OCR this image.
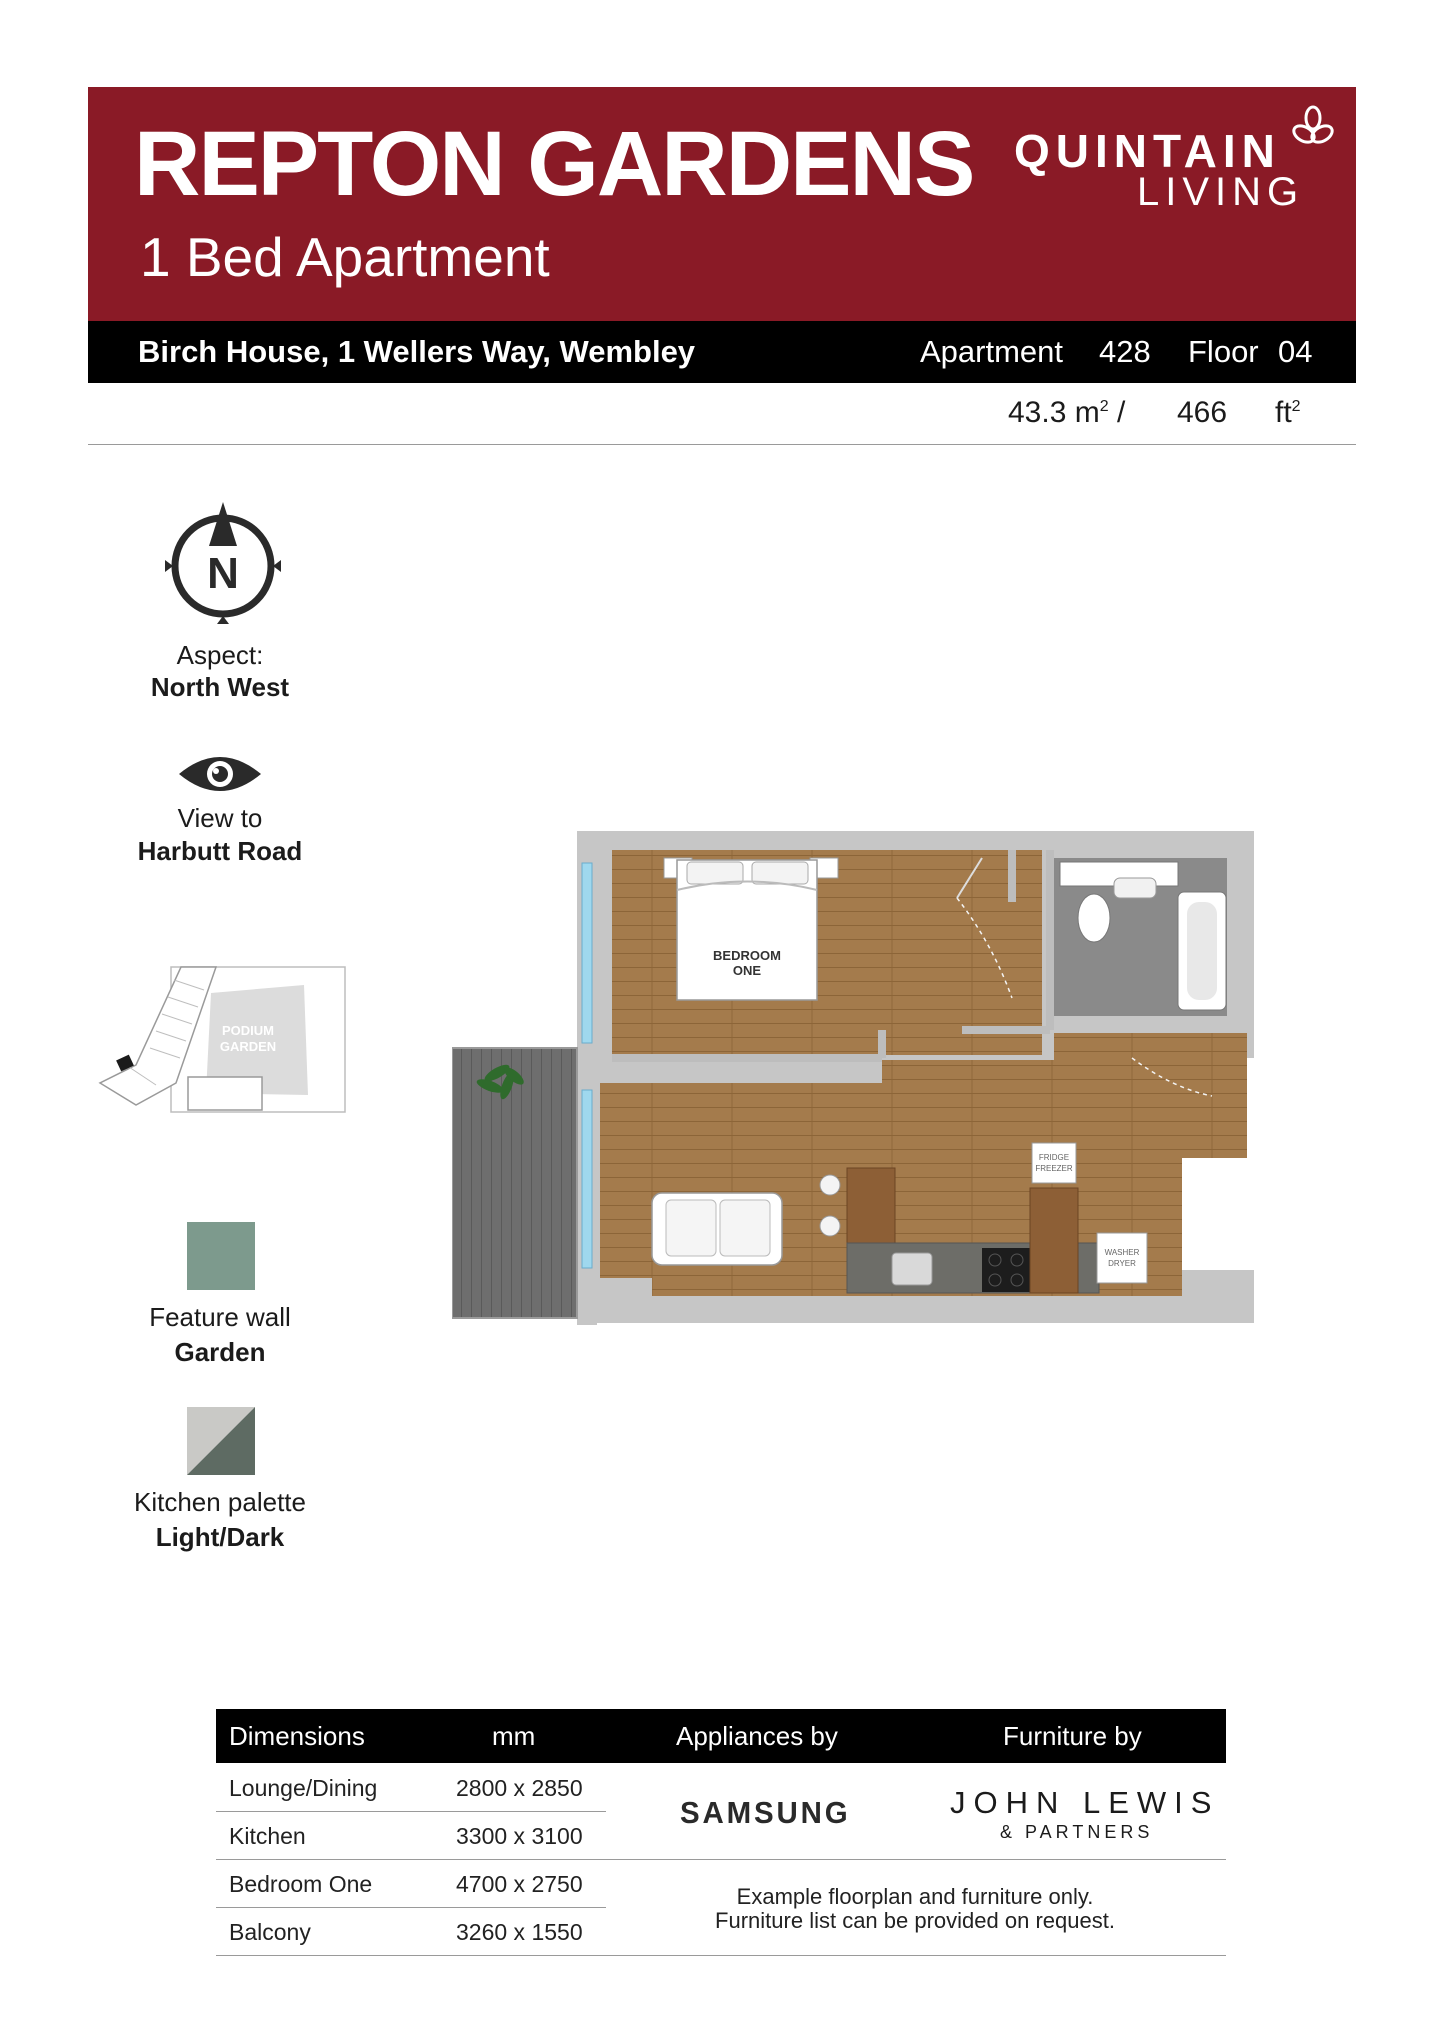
REPTON GARDENS
1 Bed Apartment
QUINTAIN
LIVING
Birch House, 1 Wellers Way, Wembley	Apartment 428 Floor 04
43.3 $m^2 / 466$ $ft^2$
N
Aspect:
North West
View to
Harbutt Road
PODIUM
GARDEN
Feature wall
Garden
Kitchen palette
Light/Dark
BEDROOM
ONE
FRIDGE
FREEZER
WASHER
DRYER
Dimensions	mm	Appliances by	Furniture by
Lounge/Dining	2800 x 2850
Kitchen	3300 x 3100
Bedroom One	4700 x 2750
Balcony	3260 x 1550
SAMSUNG	JOHN LEWIS
& PARTNERS
Example floorplan and furniture only.
Furniture list can be provided on request.
